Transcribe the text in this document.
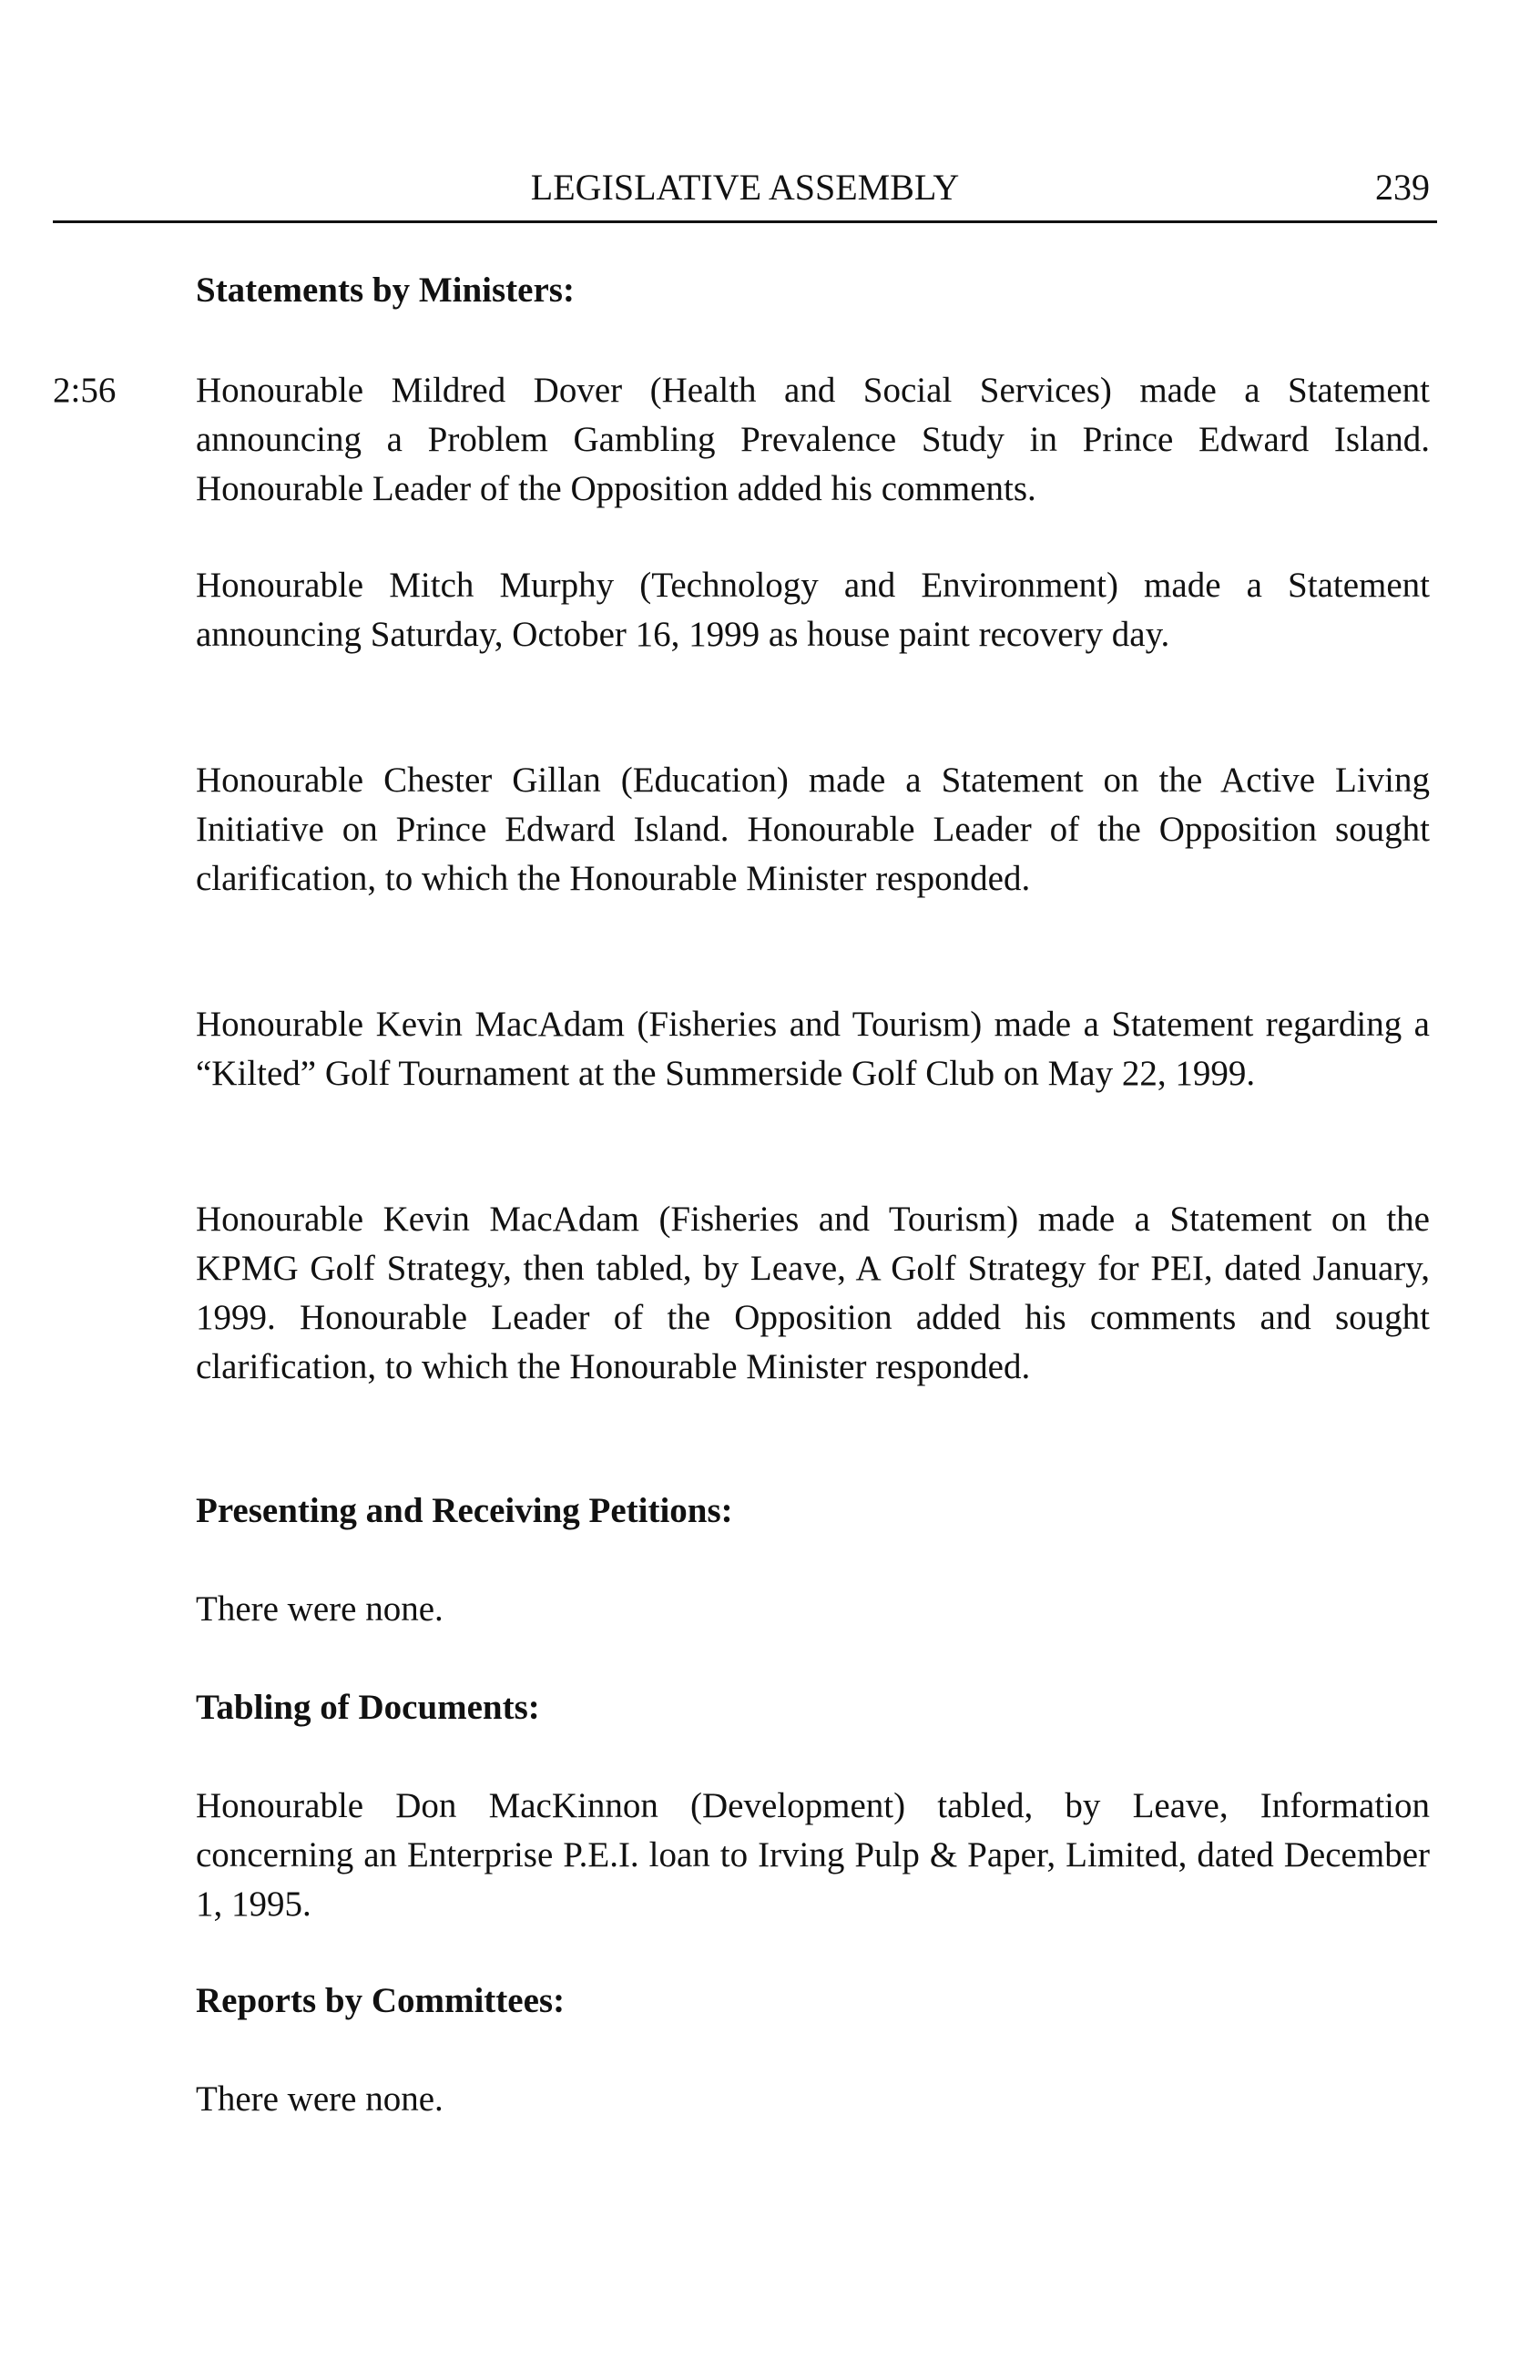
LEGISLATIVE ASSEMBLY	239
Statements by Ministers:
2:56 Honourable Mildred Dover (Health and Social Services) made a Statement announcing a Problem Gambling Prevalence Study in Prince Edward Island. Honourable Leader of the Opposition added his comments.
Honourable Mitch Murphy (Technology and Environment) made a Statement announcing Saturday, October 16, 1999 as house paint recovery day.
Honourable Chester Gillan (Education) made a Statement on the Active Living Initiative on Prince Edward Island. Honourable Leader of the Opposition sought clarification, to which the Honourable Minister responded.
Honourable Kevin MacAdam (Fisheries and Tourism) made a Statement regarding a “Kilted” Golf Tournament at the Summerside Golf Club on May 22, 1999.
Honourable Kevin MacAdam (Fisheries and Tourism) made a Statement on the KPMG Golf Strategy, then tabled, by Leave, A Golf Strategy for PEI, dated January, 1999. Honourable Leader of the Opposition added his comments and sought clarification, to which the Honourable Minister responded.
Presenting and Receiving Petitions:
There were none.
Tabling of Documents:
Honourable Don MacKinnon (Development) tabled, by Leave, Information concerning an Enterprise P.E.I. loan to Irving Pulp & Paper, Limited, dated December 1, 1995.
Reports by Committees:
There were none.
